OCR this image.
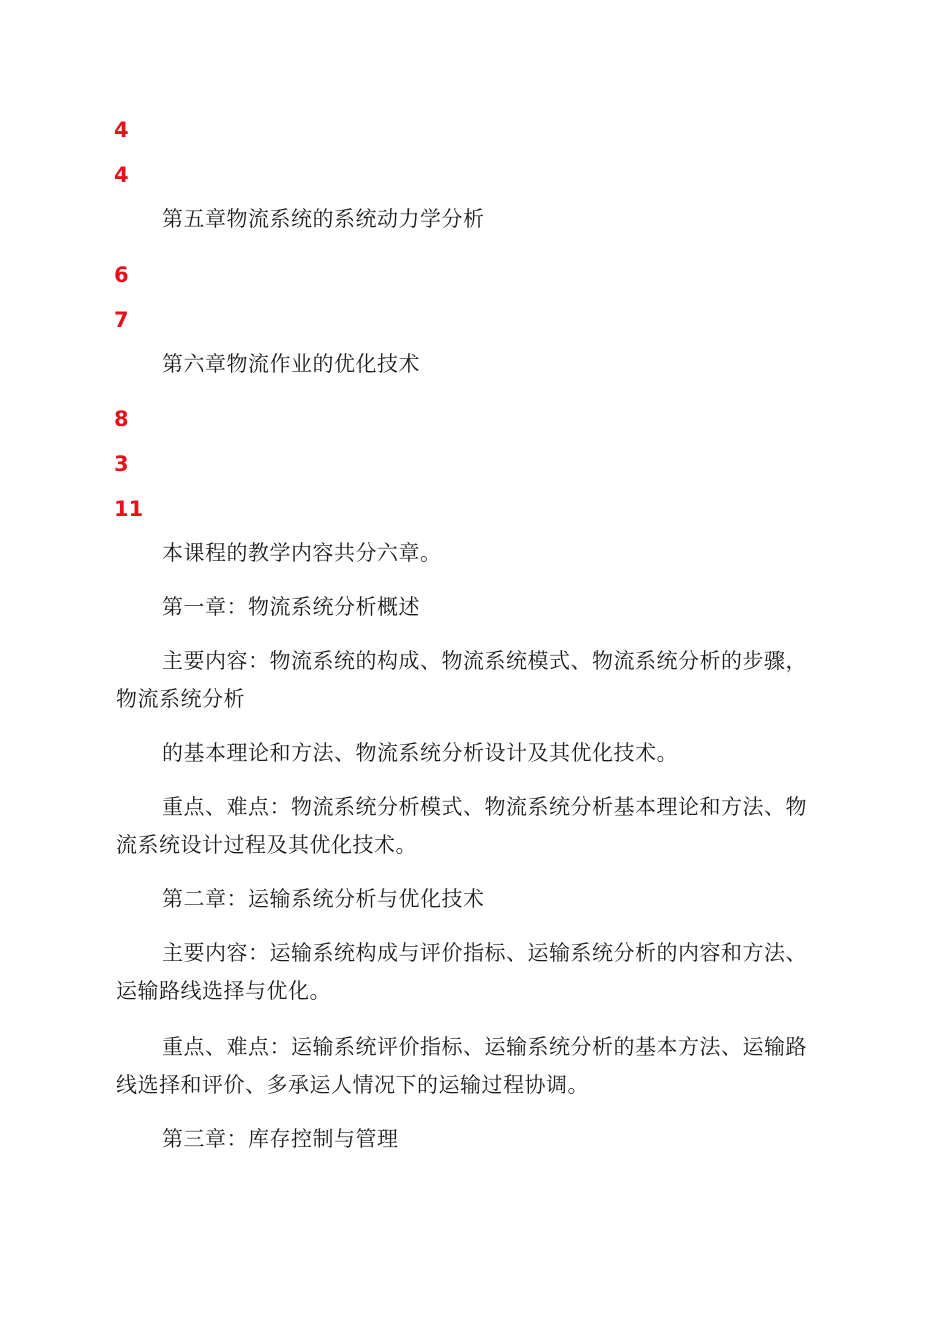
4
4
第五章物流系统的系统动力学分析
6
7
第六章物流作业的优化技术
8
3
11
本课程的教学内容共分六章。
第一章：物流系统分析概述
主要内容：物流系统的构成、物流系统模式、物流系统分析的步骤，
物流系统分析
的基本理论和方法、物流系统分析设计及其优化技术。
重点、难点：物流系统分析模式、物流系统分析基本理论和方法、物
流系统设计过程及其优化技术。
第二章：运输系统分析与优化技术
主要内容：运输系统构成与评价指标、运输系统分析的内容和方法、
运输路线选择与优化。
重点、难点：运输系统评价指标、运输系统分析的基本方法、运输路
线选择和评价、多承运人情况下的运输过程协调。
第三章：库存控制与管理
